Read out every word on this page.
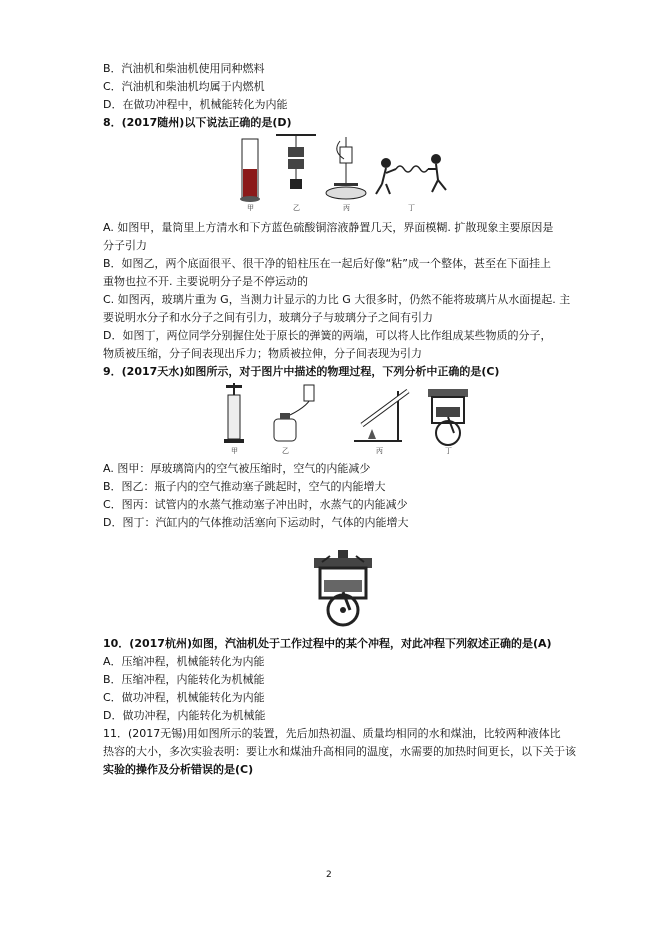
B．汽油机和柴油机使用同种燃料
C．汽油机和柴油机均属于内燃机
D．在做功冲程中，机械能转化为内能
8．(2017随州)以下说法正确的是(D)
甲	乙	丙	丁
A. 如图甲，量筒里上方清水和下方蓝色硫酸铜溶液静置几天，界面模糊. 扩散现象主要原因是
分子引力
B．如图乙，两个底面很平、很干净的铅柱压在一起后好像“粘”成一个整体，甚至在下面挂上
重物也拉不开. 主要说明分子是不停运动的
C. 如图丙，玻璃片重为 G，当测力计显示的力比 G 大很多时，仍然不能将玻璃片从水面提起. 主
要说明水分子和水分子之间有引力，玻璃分子与玻璃分子之间有引力
D．如图丁，两位同学分别握住处于原长的弹簧的两端，可以将人比作组成某些物质的分子，
物质被压缩，分子间表现出斥力；物质被拉伸，分子间表现为引力
9．(2017天水)如图所示，对于图片中描述的物理过程，下列分析中正确的是(C)
甲	乙	丙	丁
A. 图甲：厚玻璃筒内的空气被压缩时，空气的内能减少
B．图乙：瓶子内的空气推动塞子跳起时，空气的内能增大
C．图丙：试管内的水蒸气推动塞子冲出时，水蒸气的内能减少
D．图丁：汽缸内的气体推动活塞向下运动时，气体的内能增大
10．(2017杭州)如图，汽油机处于工作过程中的某个冲程，对此冲程下列叙述正确的是(A)
A．压缩冲程，机械能转化为内能
B．压缩冲程，内能转化为机械能
C．做功冲程，机械能转化为内能
D．做功冲程，内能转化为机械能
11．(2017无锡)用如图所示的装置，先后加热初温、质量均相同的水和煤油，比较两种液体比
热容的大小，多次实验表明：要让水和煤油升高相同的温度，水需要的加热时间更长，以下关于该
实验的操作及分析错误的是(C)
2
